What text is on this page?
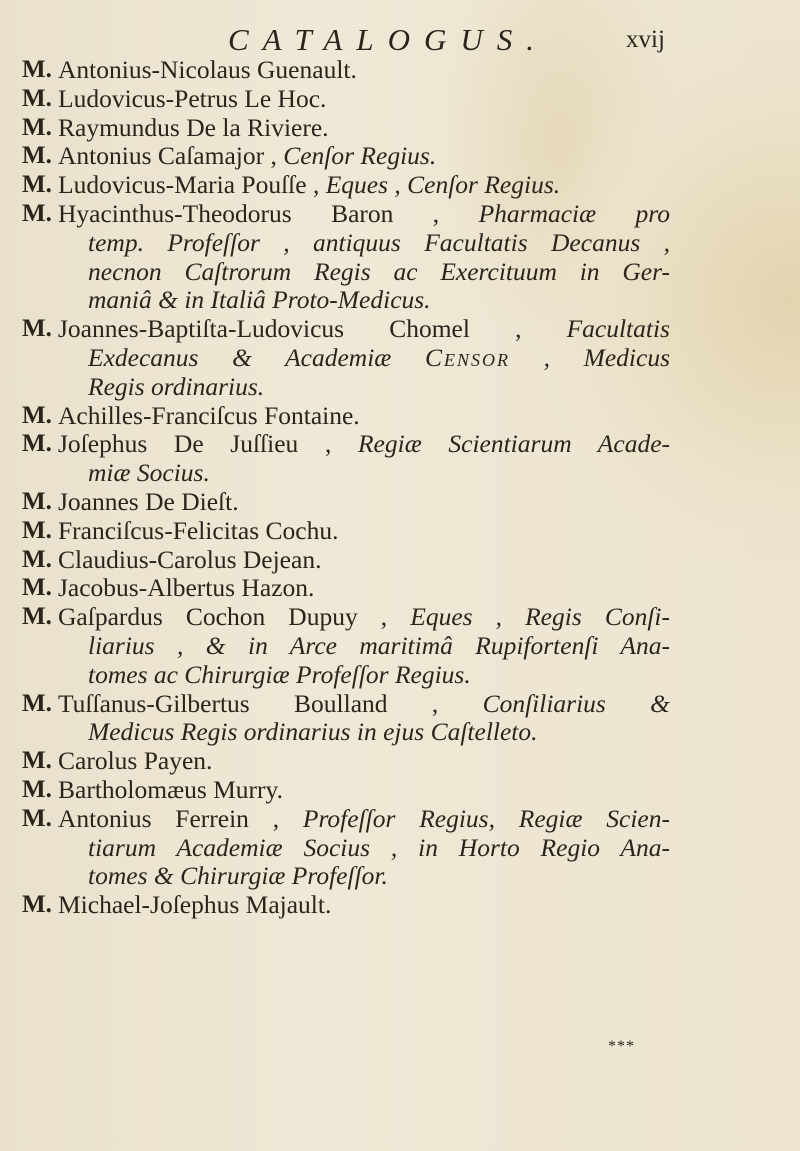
CATALOGUS.	xvij
M. Antonius-Nicolaus Guenault.
M. Ludovicus-Petrus Le Hoc.
M. Raymundus De la Riviere.
M. Antonius Caſamajor , Cenſor Regius.
M. Ludovicus-Maria Pouſſe , Eques , Cenſor Regius.
M. Hyacinthus-Theodorus Baron , Pharmaciæ pro
temp. Profeſſor , antiquus Facultatis Decanus ,
necnon Caſtrorum Regis ac Exercituum in Ger-
maniâ & in Italiâ Proto-Medicus.
M. Joannes-Baptiſta-Ludovicus Chomel , Facultatis
Exdecanus & Academiæ Censor , Medicus
Regis ordinarius.
M. Achilles-Franciſcus Fontaine.
M. Joſephus De Juſſieu , Regiæ Scientiarum Acade-
miæ Socius.
M. Joannes De Dieſt.
M. Franciſcus-Felicitas Cochu.
M. Claudius-Carolus Dejean.
M. Jacobus-Albertus Hazon.
M. Gaſpardus Cochon Dupuy , Eques , Regis Conſi-
liarius , & in Arce maritimâ Rupifortenſi Ana-
tomes ac Chirurgiæ Profeſſor Regius.
M. Tuſſanus-Gilbertus Boulland , Conſiliarius &
Medicus Regis ordinarius in ejus Caſtelleto.
M. Carolus Payen.
M. Bartholomæus Murry.
M. Antonius Ferrein , Profeſſor Regius, Regiæ Scien-
tiarum Academiæ Socius , in Horto Regio Ana-
tomes & Chirurgiæ Profeſſor.
M. Michael-Joſephus Majault.
***
